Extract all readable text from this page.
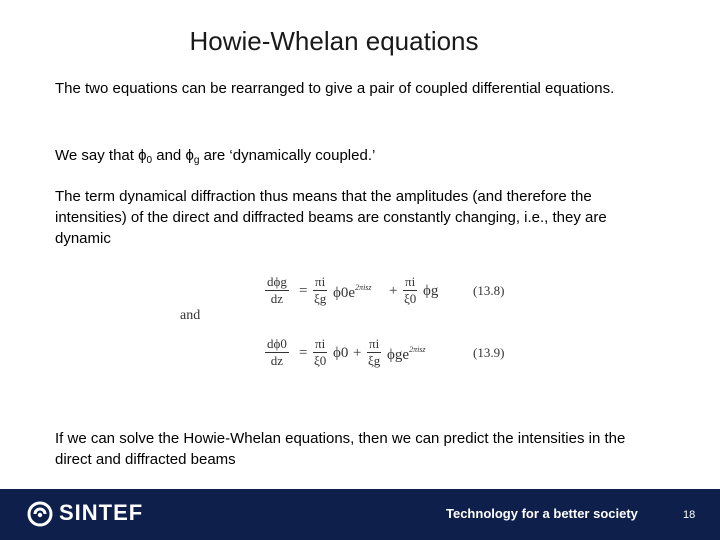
Howie-Whelan equations
The two equations can be rearranged to give a pair of coupled differential equations.
We say that $\phi_0$ and $\phi_g$ are ‘dynamically coupled.’
The term dynamical diffraction thus means that the amplitudes (and therefore the intensities) of the direct and diffracted beams are constantly changing, i.e., they are dynamic
and
dϕg
dz	= $\frac{\pi i}{\xi g} \phi 0e^{2\pi isz} + \frac{\pi i}{\xi 0}$ ϕg	(13.8)
$\frac{d\phi 0}{dz} = \frac{\pi i}{\xi 0} \phi 0 + \frac{\pi i}{\xi g} \phi ge^{2\pi isz}$	(13.9)
If we can solve the Howie-Whelan equations, then we can predict the intensities in the direct and diffracted beams
SINTEF	Technology for a better society	18
